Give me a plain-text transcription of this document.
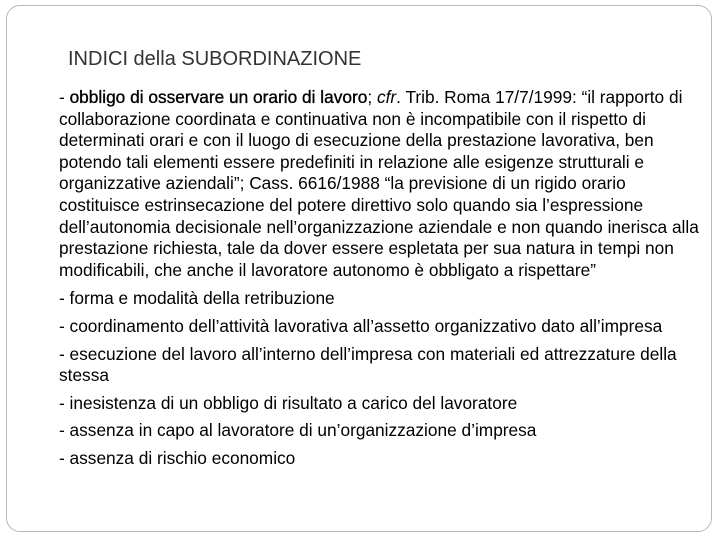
INDICI della SUBORDINAZIONE
- obbligo di osservare un orario di lavoro; cfr. Trib. Roma 17/7/1999: “il rapporto di collaborazione coordinata e continuativa non è incompatibile con il rispetto di determinati orari e con il luogo di esecuzione della prestazione lavorativa, ben potendo tali elementi essere predefiniti in relazione alle esigenze strutturali e organizzative aziendali”; Cass. 6616/1988 “la previsione di un rigido orario costituisce estrinsecazione del potere direttivo solo quando sia l’espressione dell’autonomia decisionale nell’organizzazione aziendale e non quando inerisca alla prestazione richiesta, tale da dover essere espletata per sua natura in tempi non modificabili, che anche il lavoratore autonomo è obbligato a rispettare”
- forma e modalità della retribuzione
- coordinamento dell’attività lavorativa all’assetto organizzativo dato all’impresa
- esecuzione del lavoro all’interno dell’impresa con materiali ed attrezzature della stessa
- inesistenza di un obbligo di risultato a carico del lavoratore
- assenza in capo al lavoratore di un’organizzazione d’impresa
- assenza di rischio economico
